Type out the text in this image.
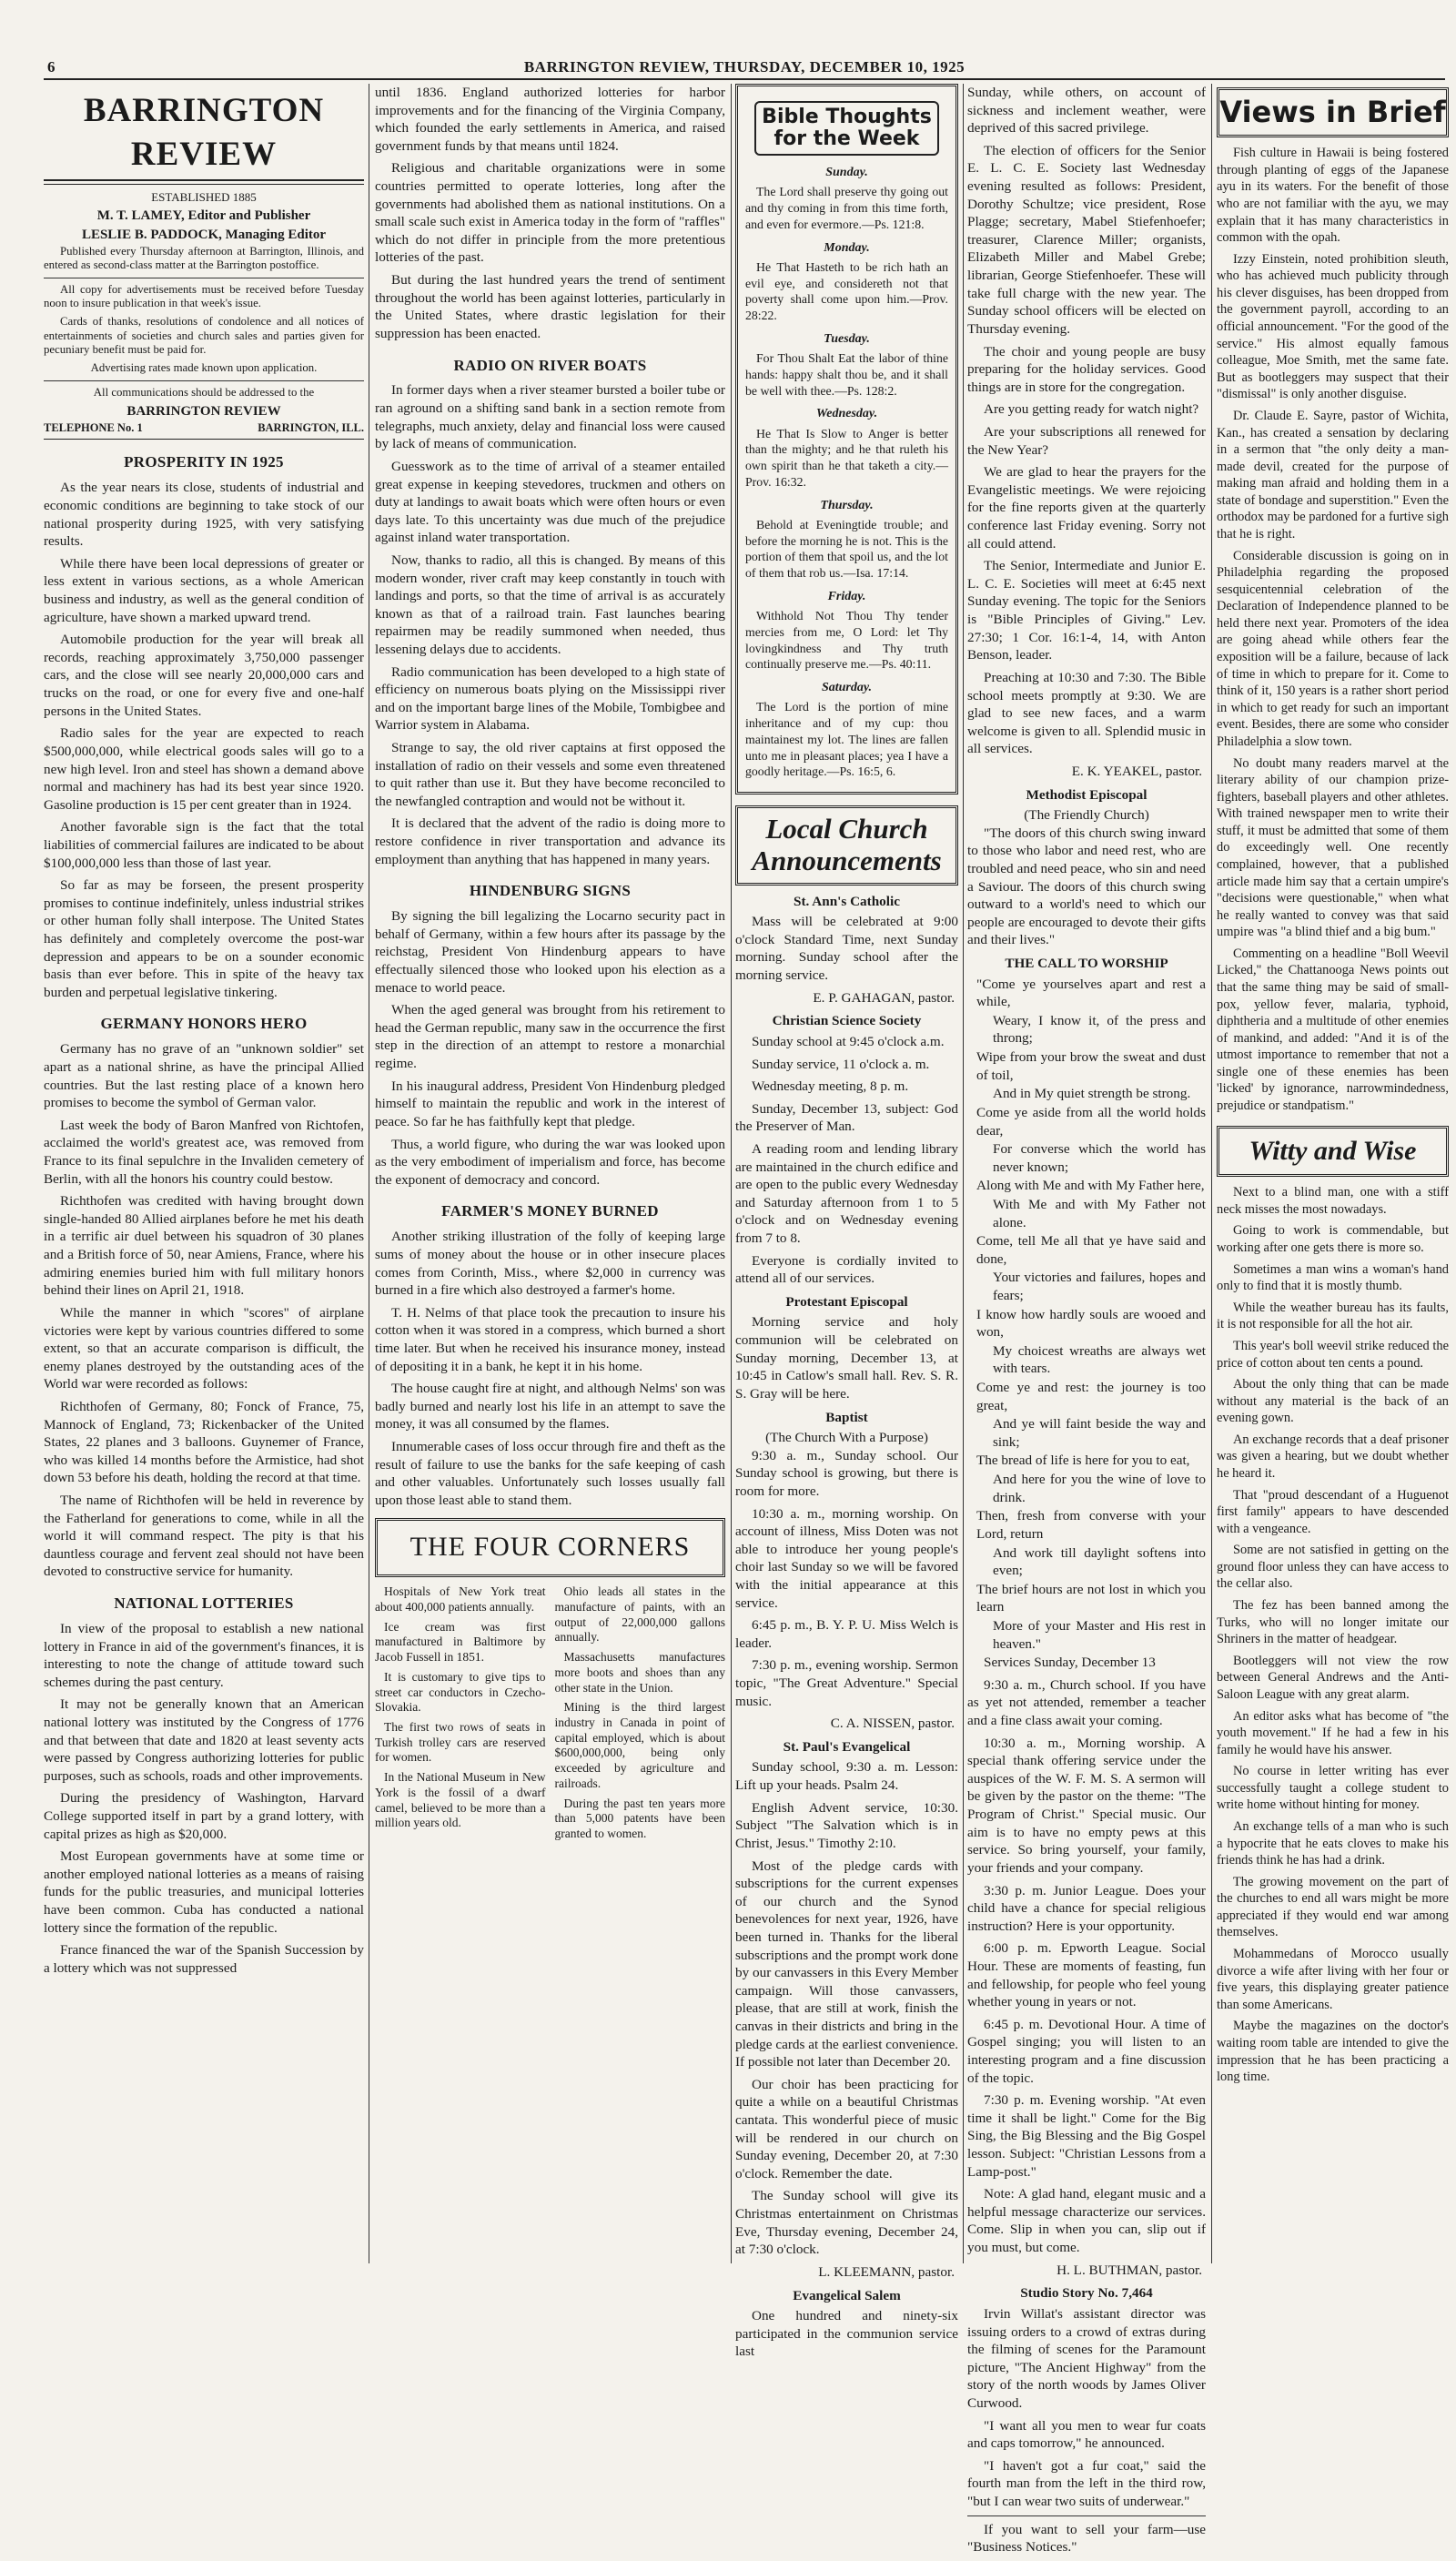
6	BARRINGTON REVIEW, THURSDAY, DECEMBER 10, 1925
BARRINGTON REVIEW
ESTABLISHED 1885
M. T. LAMEY, Editor and Publisher
LESLIE B. PADDOCK, Managing Editor

Published every Thursday afternoon at Barrington, Illinois, and entered as second-class matter at the Barrington postoffice.

All copy for advertisements must be received before Tuesday noon to insure publication in that week's issue.

Cards of thanks, resolutions of condolence and all notices of entertainments of societies and church sales and parties given for pecuniary benefit must be paid for.

Advertising rates made known upon application.
All communications should be addressed to the
BARRINGTON REVIEW
TELEPHONE No. 1	BARRINGTON, ILL.
PROSPERITY IN 1925

As the year nears its close, students of industrial and economic conditions are beginning to take stock of our national prosperity during 1925, with very satisfying results.

While there have been local depressions of greater or less extent in various sections, as a whole American business and industry, as well as the general condition of agriculture, have shown a marked upward trend.

Automobile production for the year will break all records, reaching approximately 3,750,000 passenger cars, and the close will see nearly 20,000,000 cars and trucks on the road, or one for every five and one-half persons in the United States.

Radio sales for the year are expected to reach $500,000,000, while electrical goods sales will go to a new high level. Iron and steel has shown a demand above normal and machinery has had its best year since 1920. Gasoline production is 15 per cent greater than in 1924.

Another favorable sign is the fact that the total liabilities of commercial failures are indicated to be about $100,000,000 less than those of last year.

So far as may be forseen, the present prosperity promises to continue indefinitely, unless industrial strikes or other human folly shall interpose. The United States has definitely and completely overcome the post-war depression and appears to be on a sounder economic basis than ever before. This in spite of the heavy tax burden and perpetual legislative tinkering.

GERMANY HONORS HERO

Germany has no grave of an "unknown soldier" set apart as a national shrine, as have the principal Allied countries. But the last resting place of a known hero promises to become the symbol of German valor.

Last week the body of Baron Manfred von Richtofen, acclaimed the world's greatest ace, was removed from France to its final sepulchre in the Invaliden cemetery of Berlin, with all the honors his country could bestow.

Richthofen was credited with having brought down single-handed 80 Allied airplanes before he met his death in a terrific air duel between his squadron of 30 planes and a British force of 50, near Amiens, France, where his admiring enemies buried him with full military honors behind their lines on April 21, 1918.

While the manner in which "scores" of airplane victories were kept by various countries differed to some extent, so that an accurate comparison is difficult, the enemy planes destroyed by the outstanding aces of the World war were recorded as follows:

Richthofen of Germany, 80; Fonck of France, 75, Mannock of England, 73; Rickenbacker of the United States, 22 planes and 3 balloons. Guynemer of France, who was killed 14 months before the Armistice, had shot down 53 before his death, holding the record at that time.

The name of Richthofen will be held in reverence by the Fatherland for generations to come, while in all the world it will command respect. The pity is that his dauntless courage and fervent zeal should not have been devoted to constructive service for humanity.

NATIONAL LOTTERIES

In view of the proposal to establish a new national lottery in France in aid of the government's finances, it is interesting to note the change of attitude toward such schemes during the past century.

It may not be generally known that an American national lottery was instituted by the Congress of 1776 and that between that date and 1820 at least seventy acts were passed by Congress authorizing lotteries for public purposes, such as schools, roads and other improvements.

During the presidency of Washington, Harvard College supported itself in part by a grand lottery, with capital prizes as high as $20,000.

Most European governments have at some time or another employed national lotteries as a means of raising funds for the public treasuries, and municipal lotteries have been common. Cuba has conducted a national lottery since the formation of the republic.

France financed the war of the Spanish Succession by a lottery which was not suppressed

until 1836. England authorized lotteries for harbor improvements and for the financing of the Virginia Company, which founded the early settlements in America, and raised government funds by that means until 1824.

Religious and charitable organizations were in some countries permitted to operate lotteries, long after the governments had abolished them as national institutions. On a small scale such exist in America today in the form of "raffles" which do not differ in principle from the more pretentious lotteries of the past.

But during the last hundred years the trend of sentiment throughout the world has been against lotteries, particularly in the United States, where drastic legislation for their suppression has been enacted.

RADIO ON RIVER BOATS

In former days when a river steamer bursted a boiler tube or ran aground on a shifting sand bank in a section remote from telegraphs, much anxiety, delay and financial loss were caused by lack of means of communication.

Guesswork as to the time of arrival of a steamer entailed great expense in keeping stevedores, truckmen and others on duty at landings to await boats which were often hours or even days late. To this uncertainty was due much of the prejudice against inland water transportation.

Now, thanks to radio, all this is changed. By means of this modern wonder, river craft may keep constantly in touch with landings and ports, so that the time of arrival is as accurately known as that of a railroad train. Fast launches bearing repairmen may be readily summoned when needed, thus lessening delays due to accidents.

Radio communication has been developed to a high state of efficiency on numerous boats plying on the Mississippi river and on the important barge lines of the Mobile, Tombigbee and Warrior system in Alabama.

Strange to say, the old river captains at first opposed the installation of radio on their vessels and some even threatened to quit rather than use it. But they have become reconciled to the newfangled contraption and would not be without it.

It is declared that the advent of the radio is doing more to restore confidence in river transportation and advance its employment than anything that has happened in many years.

HINDENBURG SIGNS

By signing the bill legalizing the Locarno security pact in behalf of Germany, within a few hours after its passage by the reichstag, President Von Hindenburg appears to have effectually silenced those who looked upon his election as a menace to world peace.

When the aged general was brought from his retirement to head the German republic, many saw in the occurrence the first step in the direction of an attempt to restore a monarchial regime.

In his inaugural address, President Von Hindenburg pledged himself to maintain the republic and work in the interest of peace. So far he has faithfully kept that pledge.

Thus, a world figure, who during the war was looked upon as the very embodiment of imperialism and force, has become the exponent of democracy and concord.

FARMER'S MONEY BURNED

Another striking illustration of the folly of keeping large sums of money about the house or in other insecure places comes from Corinth, Miss., where $2,000 in currency was burned in a fire which also destroyed a farmer's home.

T. H. Nelms of that place took the precaution to insure his cotton when it was stored in a compress, which burned a short time later. But when he received his insurance money, instead of depositing it in a bank, he kept it in his home.

The house caught fire at night, and although Nelms' son was badly burned and nearly lost his life in an attempt to save the money, it was all consumed by the flames.

Innumerable cases of loss occur through fire and theft as the result of failure to use the banks for the safe keeping of cash and other valuables. Unfortunately such losses usually fall upon those least able to stand them.

THE FOUR CORNERS

Hospitals of New York treat about 400,000 patients annually.

Ice cream was first manufactured in Baltimore by Jacob Fussell in 1851.

It is customary to give tips to street car conductors in Czecho-Slovakia.

The first two rows of seats in Turkish trolley cars are reserved for women.

In the National Museum in New York is the fossil of a dwarf camel, believed to be more than a million years old.

Ohio leads all states in the manufacture of paints, with an output of 22,000,000 gallons annually.

Massachusetts manufactures more boots and shoes than any other state in the Union.

Mining is the third largest industry in Canada in point of capital employed, which is about $600,000,000, being only exceeded by agriculture and railroads.

During the past ten years more than 5,000 patents have been granted to women.

Bible Thoughts for the Week
Sunday.

The Lord shall preserve thy going out and thy coming in from this time forth, and even for evermore.—Ps. 121:8.

Monday.

He That Hasteth to be rich hath an evil eye, and considereth not that poverty shall come upon him.—Prov. 28:22.

Tuesday.

For Thou Shalt Eat the labor of thine hands: happy shalt thou be, and it shall be well with thee.—Ps. 128:2.

Wednesday.

He That Is Slow to Anger is better than the mighty; and he that ruleth his own spirit than he that taketh a city.—Prov. 16:32.

Thursday.

Behold at Eveningtide trouble; and before the morning he is not. This is the portion of them that spoil us, and the lot of them that rob us.—Isa. 17:14.

Friday.

Withhold Not Thou Thy tender mercies from me, O Lord: let Thy lovingkindness and Thy truth continually preserve me.—Ps. 40:11.

Saturday.

The Lord is the portion of mine inheritance and of my cup: thou maintainest my lot. The lines are fallen unto me in pleasant places; yea I have a goodly heritage.—Ps. 16:5, 6.

Local Church Announcements
St. Ann's Catholic

Mass will be celebrated at 9:00 o'clock Standard Time, next Sunday morning. Sunday school after the morning service.

E. P. GAHAGAN, pastor.
Christian Science Society

Sunday school at 9:45 o'clock a.m.

Sunday service, 11 o'clock a. m.

Wednesday meeting, 8 p. m.

Sunday, December 13, subject: God the Preserver of Man.

A reading room and lending library are maintained in the church edifice and are open to the public every Wednesday and Saturday afternoon from 1 to 5 o'clock and on Wednesday evening from 7 to 8.

Everyone is cordially invited to attend all of our services.

Protestant Episcopal

Morning service and holy communion will be celebrated on Sunday morning, December 13, at 10:45 in Catlow's small hall. Rev. S. R. S. Gray will be here.

Baptist
(The Church With a Purpose)

9:30 a. m., Sunday school. Our Sunday school is growing, but there is room for more.

10:30 a. m., morning worship. On account of illness, Miss Doten was not able to introduce her young people's choir last Sunday so we will be favored with the initial appearance at this service.

6:45 p. m., B. Y. P. U. Miss Welch is leader.

7:30 p. m., evening worship. Sermon topic, "The Great Adventure." Special music.

C. A. NISSEN, pastor.
St. Paul's Evangelical

Sunday school, 9:30 a. m. Lesson: Lift up your heads. Psalm 24.

English Advent service, 10:30. Subject "The Salvation which is in Christ, Jesus." Timothy 2:10.

Most of the pledge cards with subscriptions for the current expenses of our church and the Synod benevolences for next year, 1926, have been turned in. Thanks for the liberal subscriptions and the prompt work done by our canvassers in this Every Member campaign. Will those canvassers, please, that are still at work, finish the canvas in their districts and bring in the pledge cards at the earliest convenience. If possible not later than December 20.

Our choir has been practicing for quite a while on a beautiful Christmas cantata. This wonderful piece of music will be rendered in our church on Sunday evening, December 20, at 7:30 o'clock. Remember the date.

The Sunday school will give its Christmas entertainment on Christmas Eve, Thursday evening, December 24, at 7:30 o'clock.

L. KLEEMANN, pastor.
Evangelical Salem

One hundred and ninety-six participated in the communion service last

Sunday, while others, on account of sickness and inclement weather, were deprived of this sacred privilege.

The election of officers for the Senior E. L. C. E. Society last Wednesday evening resulted as follows: President, Dorothy Schultze; vice president, Rose Plagge; secretary, Mabel Stiefenhoefer; treasurer, Clarence Miller; organists, Elizabeth Miller and Mabel Grebe; librarian, George Stiefenhoefer. These will take full charge with the new year. The Sunday school officers will be elected on Thursday evening.

The choir and young people are busy preparing for the holiday services. Good things are in store for the congregation.

Are you getting ready for watch night?

Are your subscriptions all renewed for the New Year?

We are glad to hear the prayers for the Evangelistic meetings. We were rejoicing for the fine reports given at the quarterly conference last Friday evening. Sorry not all could attend.

The Senior, Intermediate and Junior E. L. C. E. Societies will meet at 6:45 next Sunday evening. The topic for the Seniors is "Bible Principles of Giving." Lev. 27:30; 1 Cor. 16:1-4, 14, with Anton Benson, leader.

Preaching at 10:30 and 7:30. The Bible school meets promptly at 9:30. We are glad to see new faces, and a warm welcome is given to all. Splendid music in all services.

E. K. YEAKEL, pastor.
Methodist Episcopal
(The Friendly Church)

"The doors of this church swing inward to those who labor and need rest, who are troubled and need peace, who sin and need a Saviour. The doors of this church swing outward to a world's need to which our people are encouraged to devote their gifts and their lives."

THE CALL TO WORSHIP

"Come ye yourselves apart and rest a while,

Weary, I know it, of the press and throng;

Wipe from your brow the sweat and dust of toil,

And in My quiet strength be strong.

Come ye aside from all the world holds dear,

For converse which the world has never known;

Along with Me and with My Father here,

With Me and with My Father not alone.

Come, tell Me all that ye have said and done,

Your victories and failures, hopes and fears;

I know how hardly souls are wooed and won,

My choicest wreaths are always wet with tears.

Come ye and rest: the journey is too great,

And ye will faint beside the way and sink;

The bread of life is here for you to eat,

And here for you the wine of love to drink.

Then, fresh from converse with your Lord, return

And work till daylight softens into even;

The brief hours are not lost in which you learn

More of your Master and His rest in heaven."

Services Sunday, December 13

9:30 a. m., Church school. If you have as yet not attended, remember a teacher and a fine class await your coming.

10:30 a. m., Morning worship. A special thank offering service under the auspices of the W. F. M. S. A sermon will be given by the pastor on the theme: "The Program of Christ." Special music. Our aim is to have no empty pews at this service. So bring yourself, your family, your friends and your company.

3:30 p. m. Junior League. Does your child have a chance for special religious instruction? Here is your opportunity.

6:00 p. m. Epworth League. Social Hour. These are moments of feasting, fun and fellowship, for people who feel young whether young in years or not.

6:45 p. m. Devotional Hour. A time of Gospel singing; you will listen to an interesting program and a fine discussion of the topic.

7:30 p. m. Evening worship. "At even time it shall be light." Come for the Big Sing, the Big Blessing and the Big Gospel lesson. Subject: "Christian Lessons from a Lamp-post."

Note: A glad hand, elegant music and a helpful message characterize our services. Come. Slip in when you can, slip out if you must, but come.

H. L. BUTHMAN, pastor.
Studio Story No. 7,464

Irvin Willat's assistant director was issuing orders to a crowd of extras during the filming of scenes for the Paramount picture, "The Ancient Highway" from the story of the north woods by James Oliver Curwood.

"I want all you men to wear fur coats and caps tomorrow," he announced.

"I haven't got a fur coat," said the fourth man from the left in the third row, "but I can wear two suits of underwear."

If you want to sell your farm—use "Business Notices."

Views in Brief

Fish culture in Hawaii is being fostered through planting of eggs of the Japanese ayu in its waters. For the benefit of those who are not familiar with the ayu, we may explain that it has many characteristics in common with the opah.

Izzy Einstein, noted prohibition sleuth, who has achieved much publicity through his clever disguises, has been dropped from the government payroll, according to an official announcement. "For the good of the service." His almost equally famous colleague, Moe Smith, met the same fate. But as bootleggers may suspect that their "dismissal" is only another disguise.

Dr. Claude E. Sayre, pastor of Wichita, Kan., has created a sensation by declaring in a sermon that "the only deity a man-made devil, created for the purpose of making man afraid and holding them in a state of bondage and superstition." Even the orthodox may be pardoned for a furtive sigh that he is right.

Considerable discussion is going on in Philadelphia regarding the proposed sesquicentennial celebration of the Declaration of Independence planned to be held there next year. Promoters of the idea are going ahead while others fear the exposition will be a failure, because of lack of time in which to prepare for it. Come to think of it, 150 years is a rather short period in which to get ready for such an important event. Besides, there are some who consider Philadelphia a slow town.

No doubt many readers marvel at the literary ability of our champion prize-fighters, baseball players and other athletes. With trained newspaper men to write their stuff, it must be admitted that some of them do exceedingly well. One recently complained, however, that a published article made him say that a certain umpire's "decisions were questionable," when what he really wanted to convey was that said umpire was "a blind thief and a big bum."

Commenting on a headline "Boll Weevil Licked," the Chattanooga News points out that the same thing may be said of small-pox, yellow fever, malaria, typhoid, diphtheria and a multitude of other enemies of mankind, and added: "And it is of the utmost importance to remember that not a single one of these enemies has been 'licked' by ignorance, narrowmindedness, prejudice or standpatism."

Witty and Wise

Next to a blind man, one with a stiff neck misses the most nowadays.

Going to work is commendable, but working after one gets there is more so.

Sometimes a man wins a woman's hand only to find that it is mostly thumb.

While the weather bureau has its faults, it is not responsible for all the hot air.

This year's boll weevil strike reduced the price of cotton about ten cents a pound.

About the only thing that can be made without any material is the back of an evening gown.

An exchange records that a deaf prisoner was given a hearing, but we doubt whether he heard it.

That "proud descendant of a Huguenot first family" appears to have descended with a vengeance.

Some are not satisfied in getting on the ground floor unless they can have access to the cellar also.

The fez has been banned among the Turks, who will no longer imitate our Shriners in the matter of headgear.

Bootleggers will not view the row between General Andrews and the Anti-Saloon League with any great alarm.

An editor asks what has become of "the youth movement." If he had a few in his family he would have his answer.

No course in letter writing has ever successfully taught a college student to write home without hinting for money.

An exchange tells of a man who is such a hypocrite that he eats cloves to make his friends think he has had a drink.

The growing movement on the part of the churches to end all wars might be more appreciated if they would end war among themselves.

Mohammedans of Morocco usually divorce a wife after living with her four or five years, this displaying greater patience than some Americans.

Maybe the magazines on the doctor's waiting room table are intended to give the impression that he has been practicing a long time.
